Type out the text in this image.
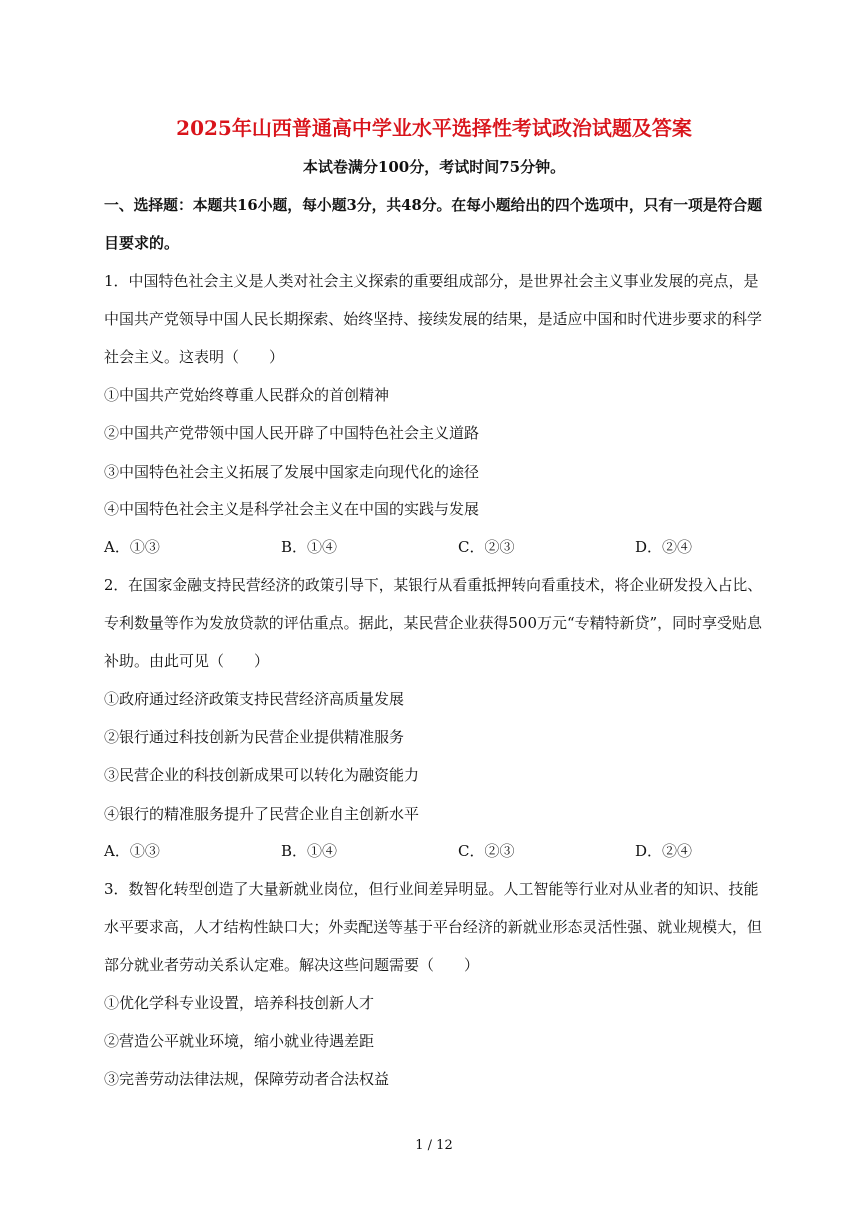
2025年山西普通高中学业水平选择性考试政治试题及答案
本试卷满分100分，考试时间75分钟。
一、选择题：本题共16小题，每小题3分，共48分。在每小题给出的四个选项中，只有一项是符合题
目要求的。
1．中国特色社会主义是人类对社会主义探索的重要组成部分，是世界社会主义事业发展的亮点，是
中国共产党领导中国人民长期探索、始终坚持、接续发展的结果，是适应中国和时代进步要求的科学
社会主义。这表明（　　）
①中国共产党始终尊重人民群众的首创精神
②中国共产党带领中国人民开辟了中国特色社会主义道路
③中国特色社会主义拓展了发展中国家走向现代化的途径
④中国特色社会主义是科学社会主义在中国的实践与发展
A．①③	B．①④	C．②③	D．②④
2．在国家金融支持民营经济的政策引导下，某银行从看重抵押转向看重技术，将企业研发投入占比、
专利数量等作为发放贷款的评估重点。据此，某民营企业获得500万元“专精特新贷”，同时享受贴息
补助。由此可见（　　）
①政府通过经济政策支持民营经济高质量发展
②银行通过科技创新为民营企业提供精准服务
③民营企业的科技创新成果可以转化为融资能力
④银行的精准服务提升了民营企业自主创新水平
A．①③	B．①④	C．②③	D．②④
3．数智化转型创造了大量新就业岗位，但行业间差异明显。人工智能等行业对从业者的知识、技能
水平要求高，人才结构性缺口大；外卖配送等基于平台经济的新就业形态灵活性强、就业规模大，但
部分就业者劳动关系认定难。解决这些问题需要（　　）
①优化学科专业设置，培养科技创新人才
②营造公平就业环境，缩小就业待遇差距
③完善劳动法律法规，保障劳动者合法权益
1 / 12
